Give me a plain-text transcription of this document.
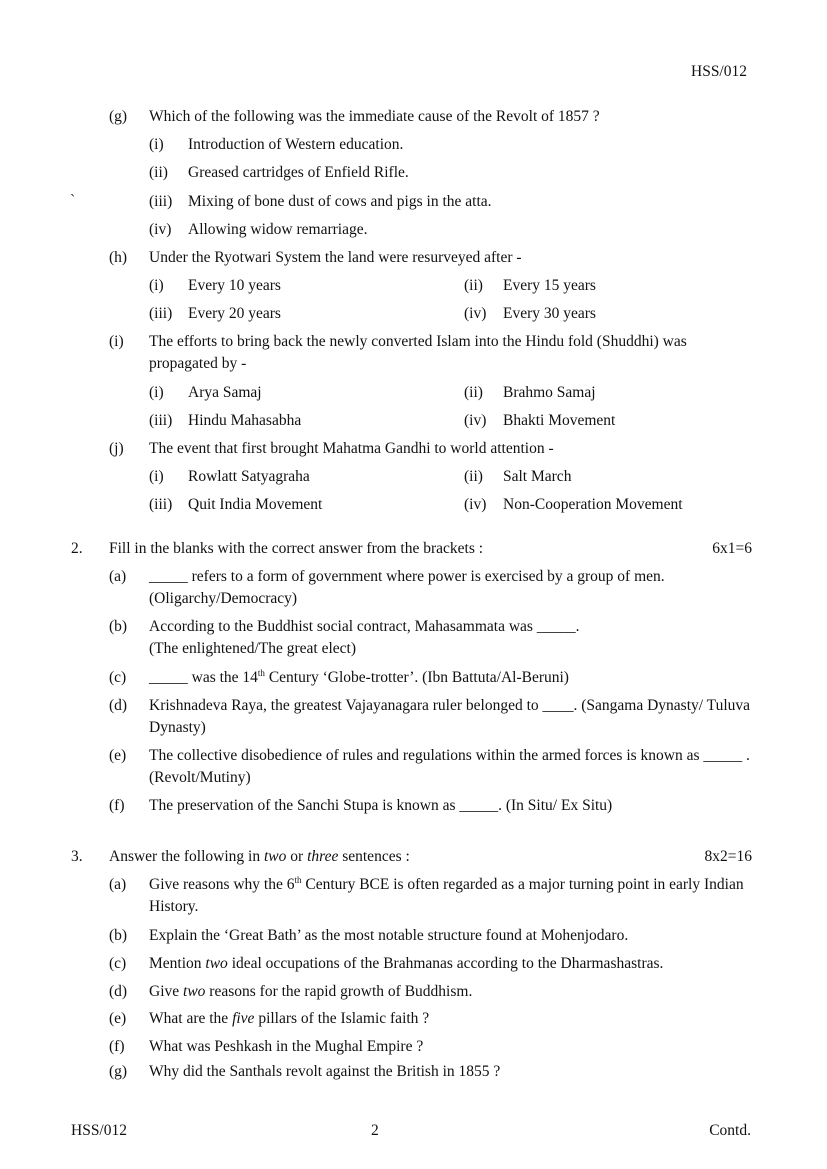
HSS/012
(g) Which of the following was the immediate cause of the Revolt of 1857 ?
(i) Introduction of Western education.
(ii) Greased cartridges of Enfield Rifle.
`	(iii) Mixing of bone dust of cows and pigs in the atta.
(iv) Allowing widow remarriage.
(h) Under the Ryotwari System the land were resurveyed after -
(i) Every 10 years	(ii) Every 15 years
(iii) Every 20 years	(iv) Every 30 years
(i) The efforts to bring back the newly converted Islam into the Hindu fold (Shuddhi) was propagated by -
(i) Arya Samaj	(ii) Brahmo Samaj
(iii) Hindu Mahasabha	(iv) Bhakti Movement
(j) The event that first brought Mahatma Gandhi to world attention -
(i) Rowlatt Satyagraha	(ii) Salt March
(iii) Quit India Movement	(iv) Non-Cooperation Movement
2. Fill in the blanks with the correct answer from the brackets :	6x1=6
(a) _____ refers to a form of government where power is exercised by a group of men. (Oligarchy/Democracy)
(b) According to the Buddhist social contract, Mahasammata was _____.
(The enlightened/The great elect)
(c) _____ was the 14th Century ‘Globe-trotter’. (Ibn Battuta/Al-Beruni)
(d) Krishnadeva Raya, the greatest Vajayanagara ruler belonged to ____. (Sangama Dynasty/ Tuluva Dynasty)
(e) The collective disobedience of rules and regulations within the armed forces is known as _____ . (Revolt/Mutiny)
(f) The preservation of the Sanchi Stupa is known as _____. (In Situ/ Ex Situ)
3. Answer the following in two or three sentences :	8x2=16
(a) Give reasons why the 6th Century BCE is often regarded as a major turning point in early Indian History.
(b) Explain the ‘Great Bath’ as the most notable structure found at Mohenjodaro.
(c) Mention two ideal occupations of the Brahmanas according to the Dharmashastras.
(d) Give two reasons for the rapid growth of Buddhism.
(e) What are the five pillars of the Islamic faith ?
(f) What was Peshkash in the Mughal Empire ?
(g) Why did the Santhals revolt against the British in 1855 ?
HSS/012	2	Contd.
